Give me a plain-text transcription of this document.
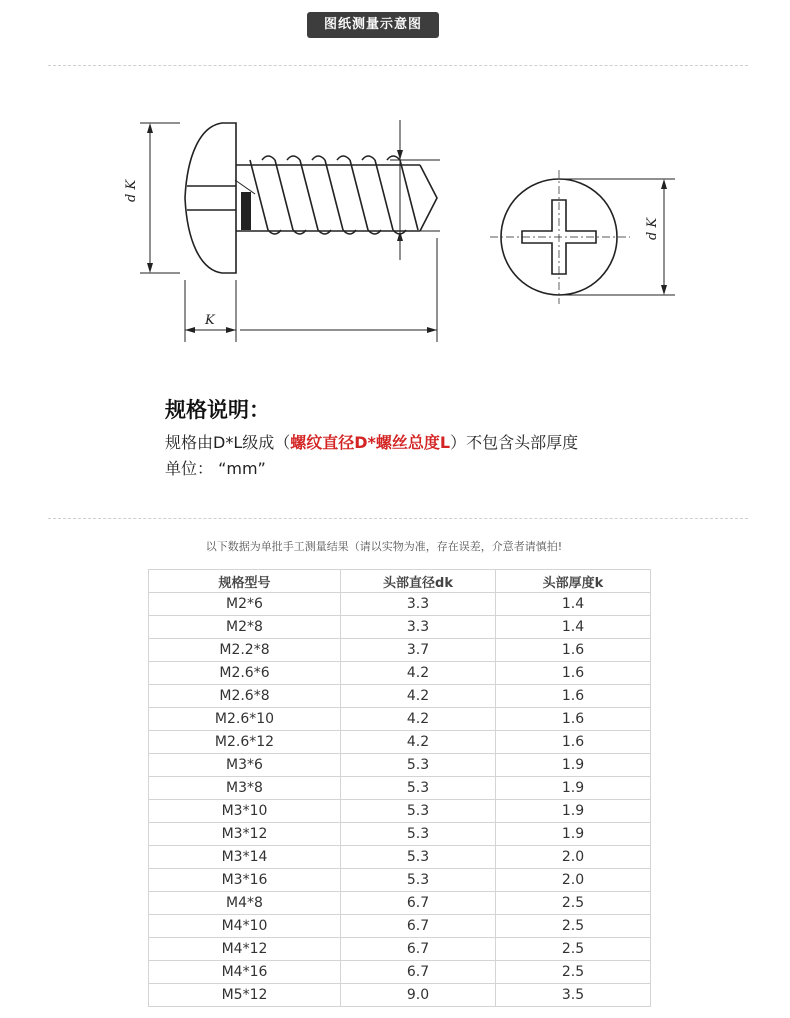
图纸测量示意图
d K
d K
K
规格说明：
规格由D*L级成（螺纹直径D*螺丝总度L）不包含头部厚度
单位： “mm”
以下数据为单批手工测量结果（请以实物为准，存在误差，介意者请慎拍!
规格型号	头部直径dk	头部厚度k
M2*6	3.3	1.4
M2*8	3.3	1.4
M2.2*8	3.7	1.6
M2.6*6	4.2	1.6
M2.6*8	4.2	1.6
M2.6*10	4.2	1.6
M2.6*12	4.2	1.6
M3*6	5.3	1.9
M3*8	5.3	1.9
M3*10	5.3	1.9
M3*12	5.3	1.9
M3*14	5.3	2.0
M3*16	5.3	2.0
M4*8	6.7	2.5
M4*10	6.7	2.5
M4*12	6.7	2.5
M4*16	6.7	2.5
M5*12	9.0	3.5
